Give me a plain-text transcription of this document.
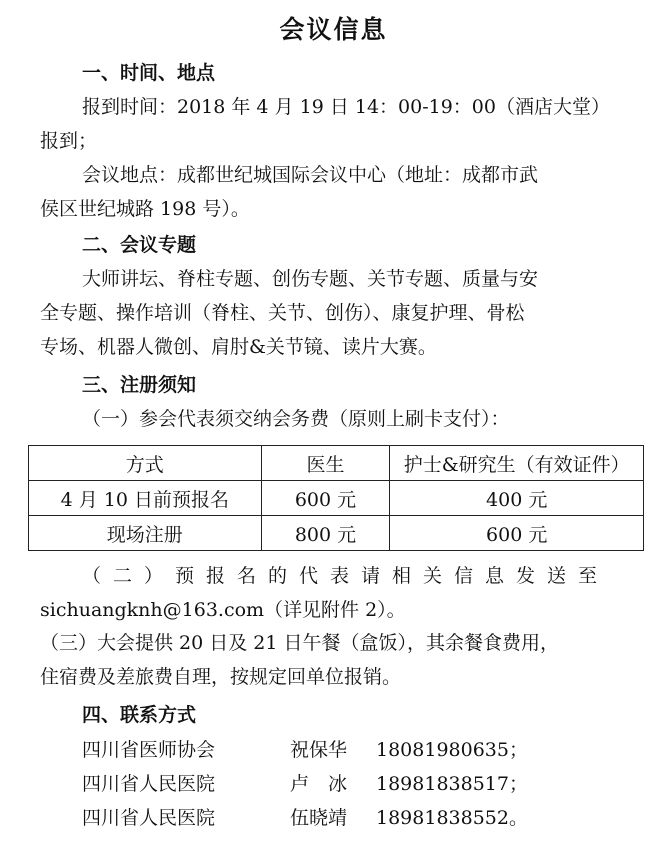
会议信息
一、时间、地点
报到时间：2018 年 4 月 19 日 14：00-19：00（酒店大堂）
报到；
会议地点：成都世纪城国际会议中心（地址：成都市武
侯区世纪城路 198 号）。
二、会议专题
大师讲坛、脊柱专题、创伤专题、关节专题、质量与安
全专题、操作培训（脊柱、关节、创伤）、康复护理、骨松
专场、机器人微创、肩肘&关节镜、读片大赛。
三、注册须知
（一）参会代表须交纳会务费（原则上刷卡支付）：
方式	医生	护士&研究生（有效证件）
4 月 10 日前预报名	600 元	400 元
现场注册	800 元	600 元
（二）预报名的代表请相关信息发送至
sichuangknh@163.com（详见附件 2）。
（三）大会提供 20 日及 21 日午餐（盒饭），其余餐食费用，
住宿费及差旅费自理，按规定回单位报销。
四、联系方式
四川省医师协会	祝保华 18081980635；
四川省人民医院	卢　冰 18981838517；
四川省人民医院	伍晓靖 18981838552。
